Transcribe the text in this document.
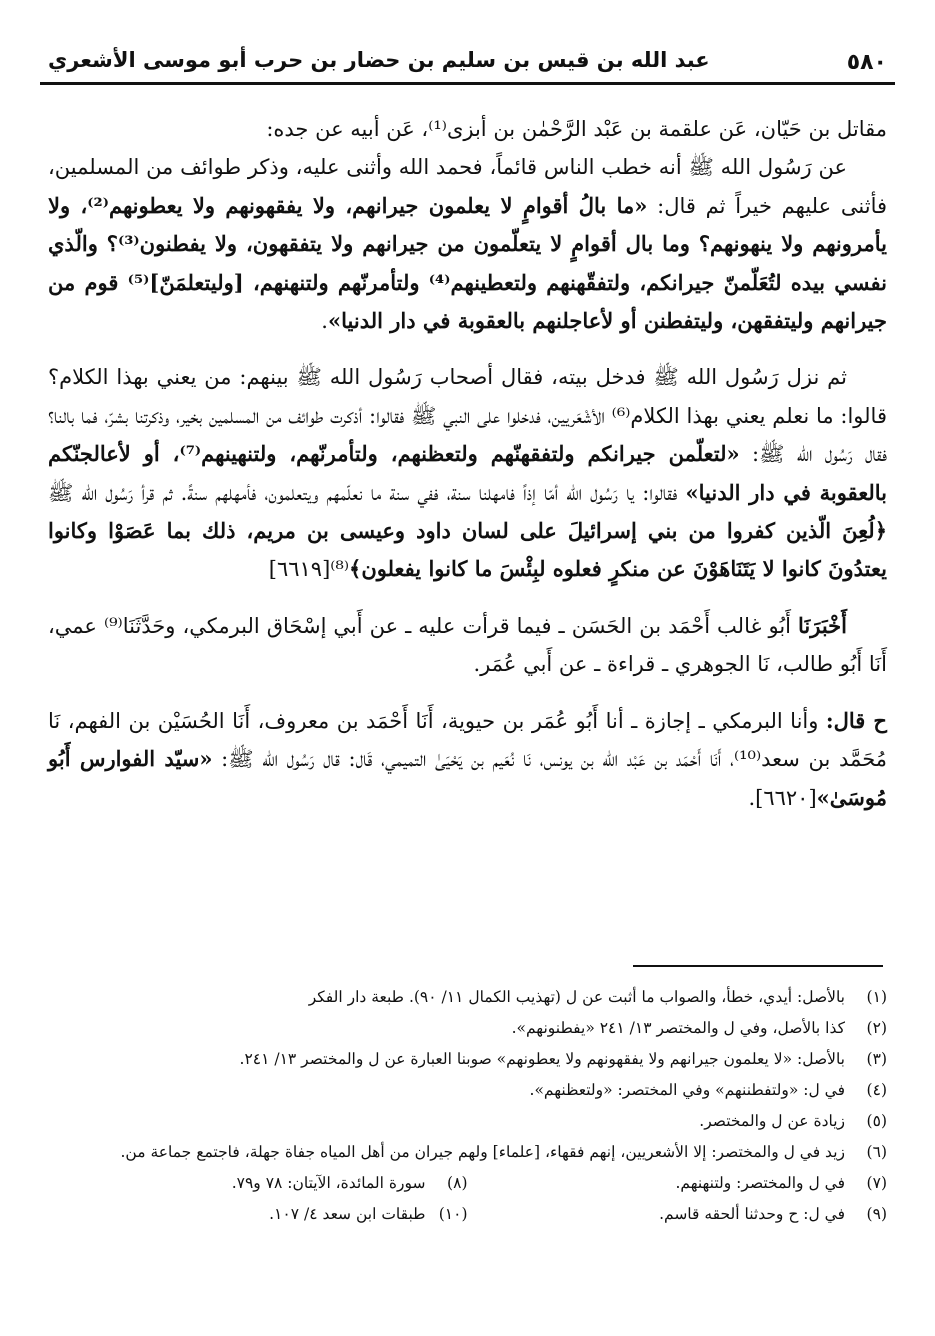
٥٨٠
عبد الله بن قيس بن سليم بن حضار بن حرب أبو موسى الأشعري

مقاتل بن حَيّان، عَن علقمة بن عَبْد الرَّحْمٰن بن أبزى⁽¹⁾، عَن أبيه عن جده:

عن رَسُول الله ﷺ أنه خطب الناس قائماً، فحمد الله وأثنى عليه، وذكر طوائف من المسلمين، فأثنى عليهم خيراً ثم قال: «ما بالُ أقوامٍ لا يعلمون جيرانهم، ولا يفقهونهم ولا يعطونهم⁽²⁾، ولا يأمرونهم ولا ينهونهم؟ وما بال أقوامٍ لا يتعلّمون من جيرانهم ولا يتفقهون، ولا يفطنون⁽³⁾؟ والّذي نفسي بيده لتُعَلّمنّ جيرانكم، ولتفقّهنهم ولتعطينهم⁽⁴⁾ ولتأمرنّهم ولتنهنهم، [وليتعلمَنّ]⁽⁵⁾ قوم من جيرانهم وليتفقهن، وليتفطنن أو لأعاجلنهم بالعقوبة في دار الدنيا».

ثم نزل رَسُول الله ﷺ فدخل بيته، فقال أصحاب رَسُول الله ﷺ بينهم: من يعني بهذا الكلام؟ قالوا: ما نعلم يعني بهذا الكلام⁽⁶⁾ الأشْعَريين، فدخلوا على النبي ﷺ فقالوا: أذكرت طوائف من المسلمين بخير، وذكرتنا بشرّ، فما بالنا؟ فقال رَسُول الله ﷺ: «لتعلّمن جيرانكم ولتفقهنّهم ولتعظنهم، ولتأمرنّهم، ولتنهينهم⁽⁷⁾، أو لأعالجنّكم بالعقوبة في دار الدنيا» فقالوا: يا رَسُول الله أمّا إذاً فامهلنا سنة، ففي سنة ما نعلّمهم ويتعلمون، فأمهلهم سنةً. ثم قرأ رَسُول الله ﷺ ﴿لُعِنَ الّذين كفروا من بني إسرائيلَ على لسان داود وعيسى بن مريم، ذلك بما عَصَوْا وكانوا يعتدُونَ كانوا لا يَتَنَاهَوْنَ عن منكرٍ فعلوه لبِئْسَ ما كانوا يفعلون﴾⁽⁸⁾[٦٦١٩]

أَخْبَرَنَا أَبُو غالب أَحْمَد بن الحَسَن ـ فيما قرأت عليه ـ عن أَبي إسْحَاق البرمكي، وحَدَّثَنَا⁽⁹⁾ عمي، أَنَا أَبُو طالب، نَا الجوهري ـ قراءة ـ عن أَبي عُمَر.

ح قال: وأنا البرمكي ـ إجازة ـ أنا أَبُو عُمَر بن حيوية، أَنَا أَحْمَد بن معروف، أَنَا الحُسَيْن بن الفهم، نَا مُحَمَّد بن سعد⁽¹⁰⁾، أَنَا أَحْمَد بن عَبْد الله بن يونس، نَا نُعَيم بن يَحْيَىٰ التميمي، قَال: قال رَسُول الله ﷺ: «سيّد الفوارس أَبُو مُوسَىٰ»[٦٦٢٠].

(١)
بالأصل: أيدي، خطأ، والصواب ما أثبت عن ل (تهذيب الكمال ١١/ ٩٠). طبعة دار الفكر
(٢)
كذا بالأصل، وفي ل والمختصر ١٣/ ٢٤١ «يفطنونهم».
(٣)
بالأصل: «لا يعلمون جيرانهم ولا يفقهونهم ولا يعطونهم» صوبنا العبارة عن ل والمختصر ١٣/ ٢٤١.
(٤)
في ل: «ولتفطننهم» وفي المختصر: «ولتعظنهم».
(٥)
زيادة عن ل والمختصر.
(٦)
زيد في ل والمختصر: إلا الأشعريين، إنهم فقهاء، [علماء] ولهم جيران من أهل المياه جفاة جهلة، فاجتمع جماعة من.
(٧)
في ل والمختصر: ولتنهنهم.
(٨)
سورة المائدة، الآيتان: ٧٨ و٧٩.
(٩)
في ل: ح وحدثنا ألحقه قاسم.
(١٠)
طبقات ابن سعد ٤/ ١٠٧.
